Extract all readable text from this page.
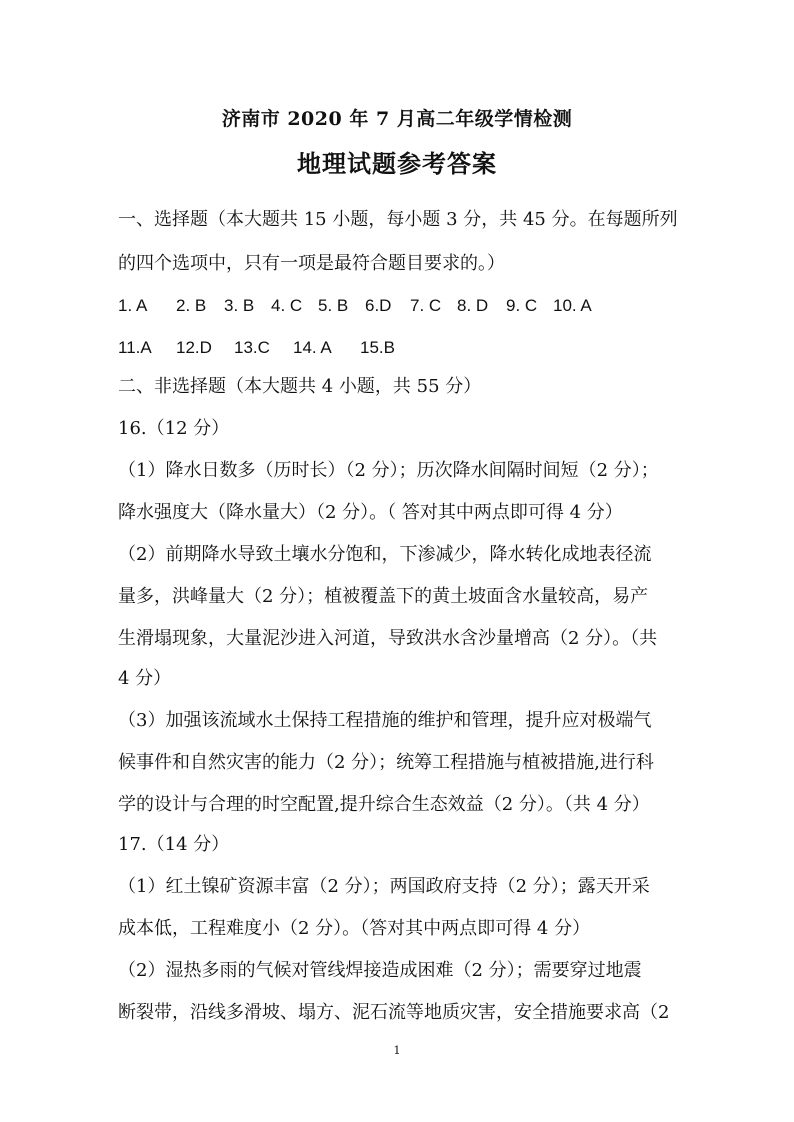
济南市 2020 年 7 月高二年级学情检测
地理试题参考答案
一、选择题（本大题共 15 小题，每小题 3 分，共 45 分。在每题所列
的四个选项中，只有一项是最符合题目要求的。）
1. A	2. B	3. B 4. C 5. B 6.D	7. C 8. D	9. C 10. A
11.A	12.D	13.C	14. A	15.B
二、非选择题（本大题共 4 小题，共 55 分）
16.（12 分）
（1）降水日数多（历时长）（2 分）；历次降水间隔时间短（2 分）；
降水强度大（降水量大）（2 分）。（ 答对其中两点即可得 4 分）
（2）前期降水导致土壤水分饱和，下渗减少，降水转化成地表径流
量多，洪峰量大（2 分）；植被覆盖下的黄土坡面含水量较高，易产
生滑塌现象，大量泥沙进入河道，导致洪水含沙量增高（2 分）。（共
4 分）
（3）加强该流域水土保持工程措施的维护和管理，提升应对极端气
候事件和自然灾害的能力（2 分）；统筹工程措施与植被措施,进行科
学的设计与合理的时空配置,提升综合生态效益（2 分）。（共 4 分）
17.（14 分）
（1）红土镍矿资源丰富（2 分）；两国政府支持（2 分）；露天开采
成本低，工程难度小（2 分）。（答对其中两点即可得 4 分）
（2）湿热多雨的气候对管线焊接造成困难（2 分）；需要穿过地震
断裂带，沿线多滑坡、塌方、泥石流等地质灾害，安全措施要求高（2
1
